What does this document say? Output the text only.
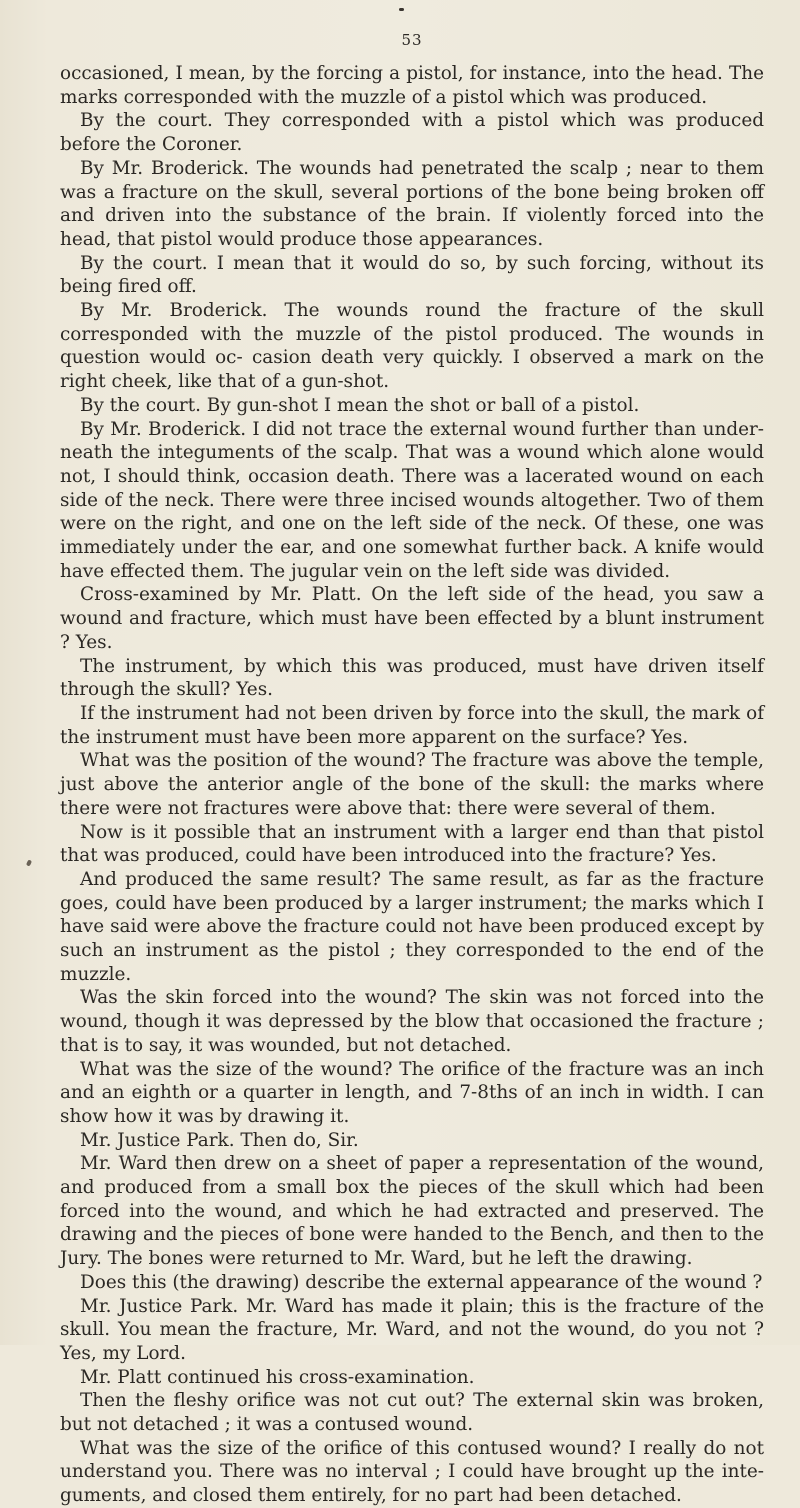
53

occasioned, I mean, by the forcing a pistol, for instance, into the head. The marks corresponded with the muzzle of a pistol which was produced.

By the court. They corresponded with a pistol which was produced before the Coroner.

By Mr. Broderick. The wounds had penetrated the scalp ; near to them was a fracture on the skull, several portions of the bone being broken off and driven into the substance of the brain. If violently forced into the head, that pistol would produce those appearances.

By the court. I mean that it would do so, by such forcing, without its being fired off.

By Mr. Broderick. The wounds round the fracture of the skull corresponded with the muzzle of the pistol produced. The wounds in question would oc- casion death very quickly. I observed a mark on the right cheek, like that of a gun-shot.

By the court. By gun-shot I mean the shot or ball of a pistol.

By Mr. Broderick. I did not trace the external wound further than under- neath the integuments of the scalp. That was a wound which alone would not, I should think, occasion death. There was a lacerated wound on each side of the neck. There were three incised wounds altogether. Two of them were on the right, and one on the left side of the neck. Of these, one was immediately under the ear, and one somewhat further back. A knife would have effected them. The jugular vein on the left side was divided.

Cross-examined by Mr. Platt. On the left side of the head, you saw a wound and fracture, which must have been effected by a blunt instrument ? Yes.

The instrument, by which this was produced, must have driven itself through the skull? Yes.

If the instrument had not been driven by force into the skull, the mark of the instrument must have been more apparent on the surface? Yes.

What was the position of the wound? The fracture was above the temple, just above the anterior angle of the bone of the skull: the marks where there were not fractures were above that: there were several of them.

Now is it possible that an instrument with a larger end than that pistol that was produced, could have been introduced into the fracture? Yes.

And produced the same result? The same result, as far as the fracture goes, could have been produced by a larger instrument; the marks which I have said were above the fracture could not have been produced except by such an instrument as the pistol ; they corresponded to the end of the muzzle.

Was the skin forced into the wound? The skin was not forced into the wound, though it was depressed by the blow that occasioned the fracture ; that is to say, it was wounded, but not detached.

What was the size of the wound? The orifice of the fracture was an inch and an eighth or a quarter in length, and 7-8ths of an inch in width. I can show how it was by drawing it.

Mr. Justice Park. Then do, Sir.

Mr. Ward then drew on a sheet of paper a representation of the wound, and produced from a small box the pieces of the skull which had been forced into the wound, and which he had extracted and preserved. The drawing and the pieces of bone were handed to the Bench, and then to the Jury. The bones were returned to Mr. Ward, but he left the drawing.

Does this (the drawing) describe the external appearance of the wound ?

Mr. Justice Park. Mr. Ward has made it plain; this is the fracture of the skull. You mean the fracture, Mr. Ward, and not the wound, do you not ? Yes, my Lord.

Mr. Platt continued his cross-examination.

Then the fleshy orifice was not cut out? The external skin was broken, but not detached ; it was a contused wound.

What was the size of the orifice of this contused wound? I really do not understand you. There was no interval ; I could have brought up the inte- guments, and closed them entirely, for no part had been detached.
